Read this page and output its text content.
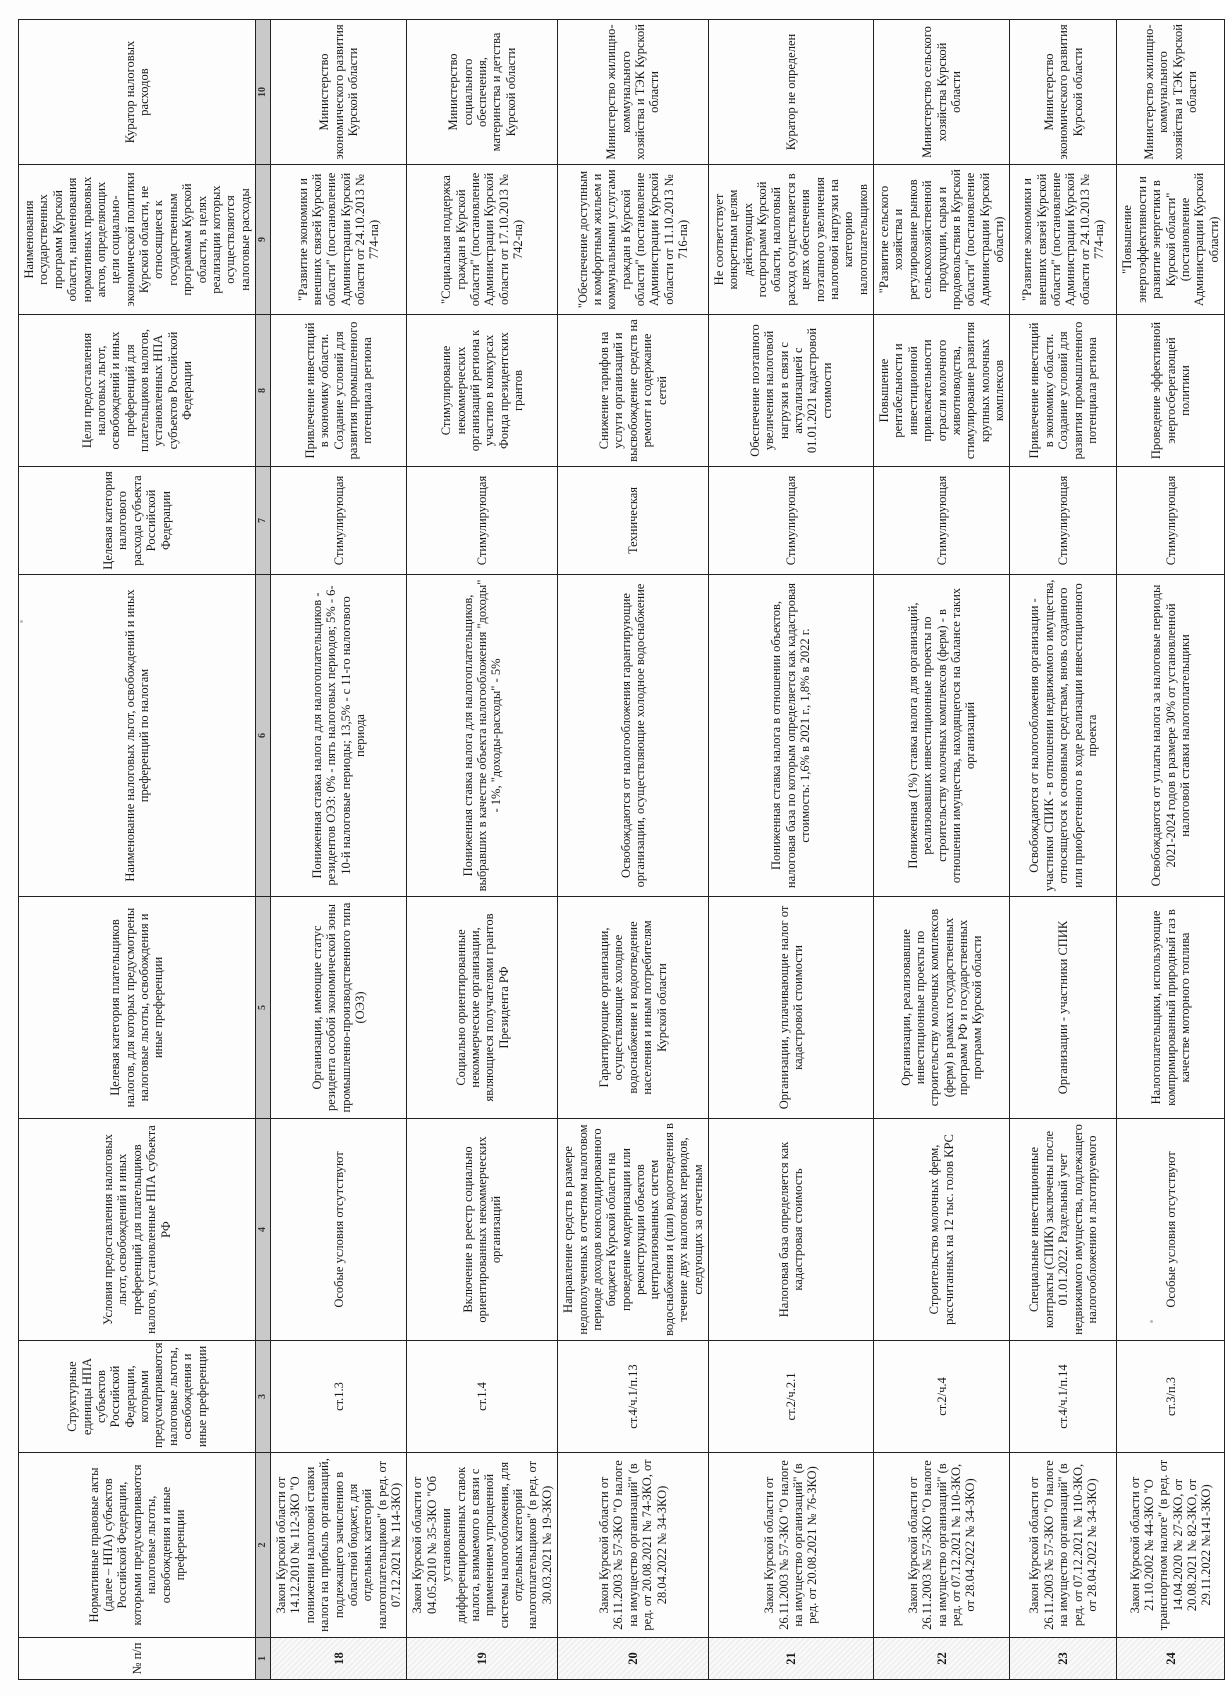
№ п/п	Нормативные правовые акты (далее – НПА) субъектов Российской Федерации, которыми предусматриваются налоговые льготы, освобождения и иные преференции	Структурные единицы НПА субъектов Российской Федерации, которыми предусматриваются налоговые льготы, освобождения и иные преференции	Условия предоставления налоговых льгот, освобождений и иных преференций для плательщиков налогов, установленные НПА субъекта РФ	Целевая категория плательщиков налогов, для которых предусмотрены налоговые льготы, освобождения и иные преференции	Наименование налоговых льгот, освобождений и иных преференций по налогам	Целевая категория налогового расхода субъекта Российской Федерации	Цели предоставления налоговых льгот, освобождений и иных преференций для плательщиков налогов, установленных НПА субъектов Российской Федерации	Наименования государственных программ Курской области, наименования нормативных правовых актов, определяющих цели социально-экономической политики Курской области, не относящиеся к государственным программам Курской области, в целях реализации которых осуществляются налоговые расходы	Куратор налоговых расходов
1	2	3	4	5	6	7	8	9	10
18	Закон Курской области от 14.12.2010 № 112-ЗКО "О понижении налоговой ставки налога на прибыль организаций, подлежащего зачислению в областной бюджет, для отдельных категорий налогоплательщиков" (в ред. от 07.12.2021 № 114-ЗКО)	ст.1.3	Особые условия отсутствуют	Организации, имеющие статус резидента особой экономической зоны промышленно-производственного типа (ОЭЗ)	Пониженная ставка налога для налогоплательщиков - резидентов ОЭЗ: 0% - пять налоговых периодов; 5% - 6-10-й налоговые периоды; 13,5% - с 11-го налогового периода	Стимулирующая	Привлечение инвестиций в экономику области. Создание условий для развития промышленного потенциала региона	"Развитие экономики и внешних связей Курской области" (постановление Администрации Курской области от 24.10.2013 № 774-па)	Министерство экономического развития Курской области
19	Закон Курской области от 04.05.2010 № 35-ЗКО "Об установлении дифференцированных ставок налога, взимаемого в связи с применением упрощенной системы налогообложения, для отдельных категорий налогоплательщиков" (в ред. от 30.03.2021 № 19-ЗКО)	ст.1.4	Включение в реестр социально ориентированных некоммерческих организаций	Социально ориентированные некоммерческие организации, являющиеся получателями грантов Президента РФ	Пониженная ставка налога для налогоплательщиков, выбравших в качестве объекта налогообложения "доходы" - 1%, "доходы-расходы" - 5%	Стимулирующая	Стимулирование некоммерческих организаций региона к участию в конкурсах Фонда президентских грантов	"Социальная поддержка граждан в Курской области" (постановление Администрации Курской области от 17.10.2013 № 742-па)	Министерство социального обеспечения, материнства и детства Курской области
20	Закон Курской области от 26.11.2003 № 57-ЗКО "О налоге на имущество организаций" (в ред. от 20.08.2021 № 74-ЗКО, от 28.04.2022 № 34-ЗКО)	ст.4/ч.1/п.13	Направление средств в размере недополученных в отчетном налоговом периоде доходов консолидированного бюджета Курской области на проведение модернизации или реконструкции объектов централизованных систем водоснабжения и (или) водоотведения в течение двух налоговых периодов, следующих за отчетным	Гарантирующие организации, осуществляющие холодное водоснабжение и водоотведение населения и иным потребителям Курской области	Освобождаются от налогообложения гарантирующие организации, осуществляющие холодное водоснабжение	Техническая	Снижение тарифов на услуги организаций и высвобождение средств на ремонт и содержание сетей	"Обеспечение доступным и комфортным жильем и коммунальными услугами граждан в Курской области" (постановление Администрации Курской области от 11.10.2013 № 716-па)	Министерство жилищно-коммунального хозяйства и ТЭК Курской области
21	Закон Курской области от 26.11.2003 № 57-ЗКО "О налоге на имущество организаций" (в ред. от 20.08.2021 № 76-ЗКО)	ст.2/ч.2.1	Налоговая база определяется как кадастровая стоимость	Организации, уплачивающие налог от кадастровой стоимости	Пониженная ставка налога в отношении объектов, налоговая база по которым определяется как кадастровая стоимость: 1,6% в 2021 г., 1,8% в 2022 г.	Стимулирующая	Обеспечение поэтапного увеличения налоговой нагрузки в связи с актуализацией с 01.01.2021 кадастровой стоимости	Не соответствует конкретным целям действующих госпрограмм Курской области, налоговый расход осуществляется в целях обеспечения поэтапного увеличения налоговой нагрузки на категорию налогоплательщиков	Куратор не определен
22	Закон Курской области от 26.11.2003 № 57-ЗКО "О налоге на имущество организаций" (в ред. от 07.12.2021 № 110-ЗКО, от 28.04.2022 № 34-ЗКО)	ст.2/ч.4	Строительство молочных ферм, рассчитанных на 12 тыс. голов КРС	Организации, реализовавшие инвестиционные проекты по строительству молочных комплексов (ферм) в рамках государственных программ РФ и государственных программ Курской области	Пониженная (1%) ставка налога для организаций, реализовавших инвестиционные проекты по строительству молочных комплексов (ферм) - в отношении имущества, находящегося на балансе таких организаций	Стимулирующая	Повышение рентабельности и инвестиционной привлекательности отрасли молочного животноводства, стимулирование развития крупных молочных комплексов	"Развитие сельского хозяйства и регулирование рынков сельскохозяйственной продукции, сырья и продовольствия в Курской области" (постановление Администрации Курской области)	Министерство сельского хозяйства Курской области
23	Закон Курской области от 26.11.2003 № 57-ЗКО "О налоге на имущество организаций" (в ред. от 07.12.2021 № 110-ЗКО, от 28.04.2022 № 34-ЗКО)	ст.4/ч.1/п.14	Специальные инвестиционные контракты (СПИК) заключены после 01.01.2022. Раздельный учет недвижимого имущества, подлежащего налогообложению и льготируемого	Организации - участники СПИК	Освобождаются от налогообложения организации - участники СПИК - в отношении недвижимого имущества, относящегося к основным средствам, вновь созданного или приобретенного в ходе реализации инвестиционного проекта	Стимулирующая	Привлечение инвестиций в экономику области. Создание условий для развития промышленного потенциала региона	"Развитие экономики и внешних связей Курской области" (постановление Администрации Курской области от 24.10.2013 № 774-па)	Министерство экономического развития Курской области
24	Закон Курской области от 21.10.2002 № 44-ЗКО "О транспортном налоге" (в ред. от 14.04.2020 № 27-ЗКО, от 20.08.2021 № 82-ЗКО, от 29.11.2022 №141-ЗКО)	ст.3/п.3	Особые условия отсутствуют	Налогоплательщики, использующие компримированный природный газ в качестве моторного топлива	Освобождаются от уплаты налога за налоговые периоды 2021-2024 годов в размере 30% от установленной налоговой ставки налогоплательщики	Стимулирующая	Проведение эффективной энергосберегающей политики	"Повышение энергоэффективности и развитие энергетики в Курской области" (постановление Администрации Курской области)	Министерство жилищно-коммунального хозяйства и ТЭК Курской области
